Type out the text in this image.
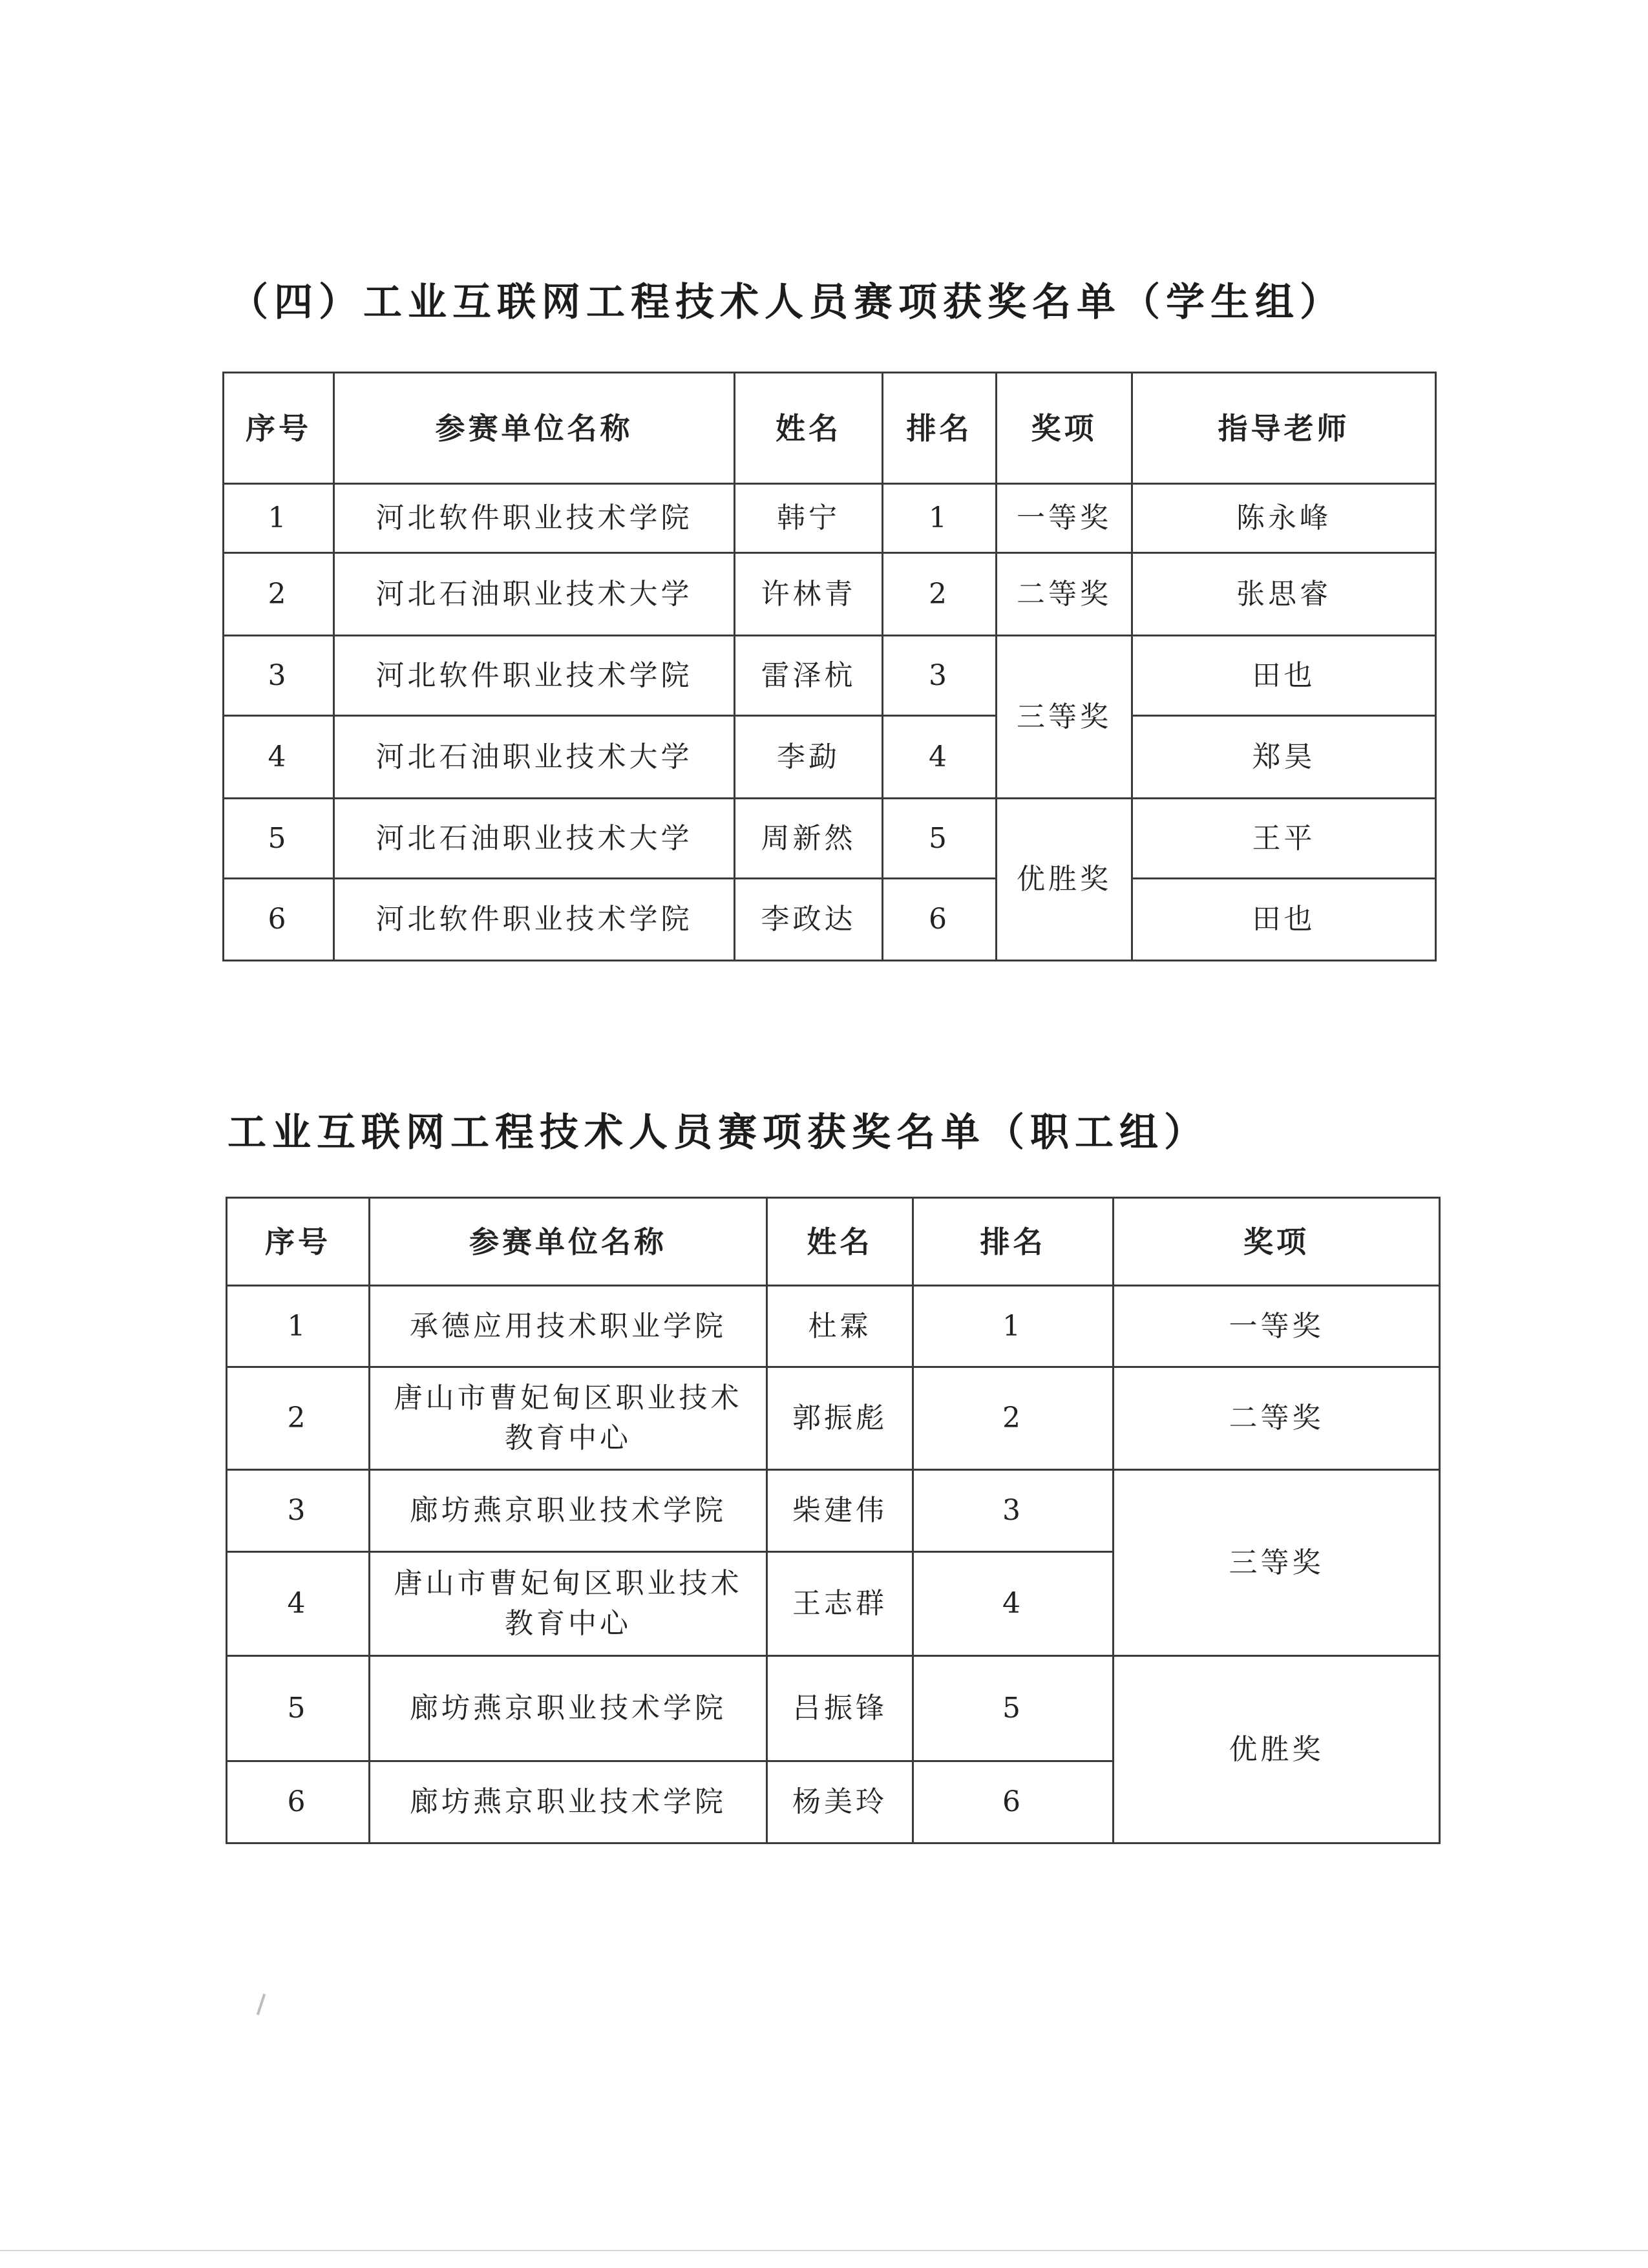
（四）工业互联网工程技术人员赛项获奖名单（学生组）
序号	参赛单位名称	姓名	排名	奖项	指导老师
1	河北软件职业技术学院	韩宁	1	一等奖	陈永峰
2	河北石油职业技术大学	许林青	2	二等奖	张思睿
3	河北软件职业技术学院	雷泽杭	3	三等奖	田也
4	河北石油职业技术大学	李勐	4		郑昊
5	河北石油职业技术大学	周新然	5	优胜奖	王平
6	河北软件职业技术学院	李政达	6		田也
工业互联网工程技术人员赛项获奖名单（职工组）
序号	参赛单位名称	姓名	排名	奖项
1	承德应用技术职业学院	杜霖	1	一等奖
2	唐山市曹妃甸区职业技术
教育中心	郭振彪	2	二等奖
3	廊坊燕京职业技术学院	柴建伟	3	三等奖
4	唐山市曹妃甸区职业技术
教育中心	王志群	4	
5	廊坊燕京职业技术学院	吕振锋	5	优胜奖
6	廊坊燕京职业技术学院	杨美玲	6	
